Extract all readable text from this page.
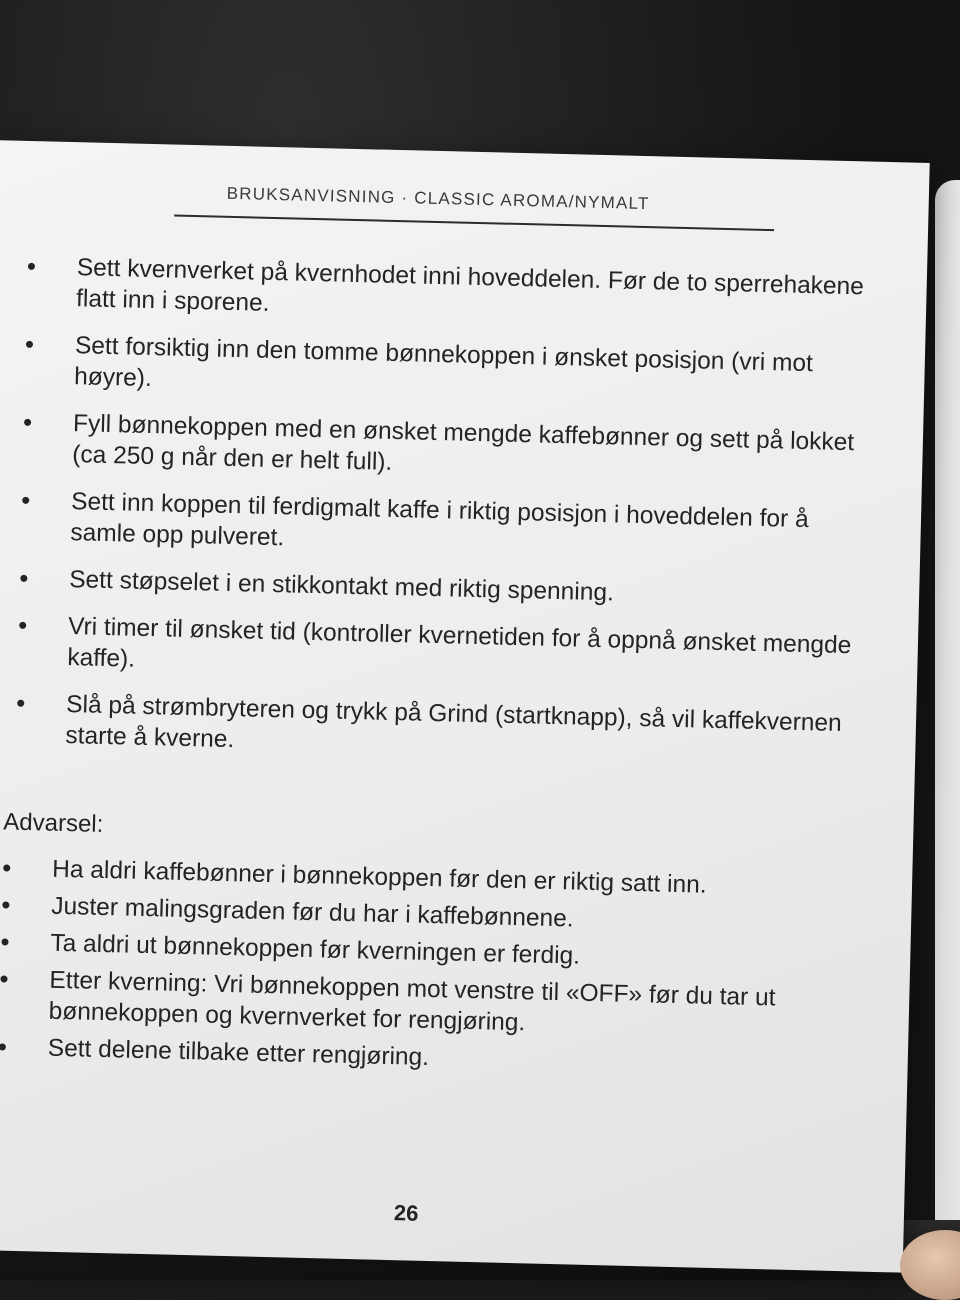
BRUKSANVISNING · CLASSIC AROMA/NYMALT
• Sett kvernverket på kvernhodet inni hoveddelen. Før de to sperrehakene flatt inn i sporene.
• Sett forsiktig inn den tomme bønnekoppen i ønsket posisjon (vri mot høyre).
• Fyll bønnekoppen med en ønsket mengde kaffebønner og sett på lokket (ca 250 g når den er helt full).
• Sett inn koppen til ferdigmalt kaffe i riktig posisjon i hoveddelen for å samle opp pulveret.
• Sett støpselet i en stikkontakt med riktig spenning.
• Vri timer til ønsket tid (kontroller kvernetiden for å oppnå ønsket mengde kaffe).
• Slå på strømbryteren og trykk på Grind (startknapp), så vil kaffekvernen starte å kverne.
Advarsel:
• Ha aldri kaffebønner i bønnekoppen før den er riktig satt inn.
• Juster malingsgraden før du har i kaffebønnene.
• Ta aldri ut bønnekoppen før kverningen er ferdig.
• Etter kverning: Vri bønnekoppen mot venstre til «OFF» før du tar ut bønnekoppen og kvernverket for rengjøring.
• Sett delene tilbake etter rengjøring.
26
